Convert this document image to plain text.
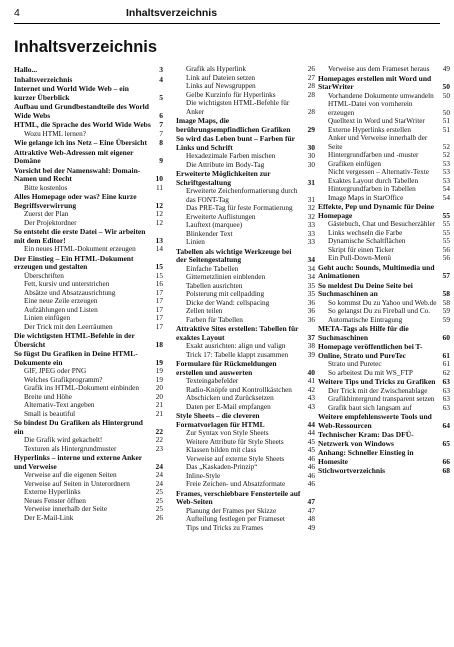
4	Inhaltsverzeichnis
Inhaltsverzeichnis
Hallo...	3
Inhaltsverzeichnis	4
Internet und World Wide Web – ein kurzer Überblick	5
Aufbau und Grundbestandteile des World Wide Webs	6
HTML, die Sprache des World Wide Webs 7
Wozu HTML lernen?	7
Wie gelange ich ins Netz – Eine Übersicht	8
Attraktive Web-Adressen mit eigener Domäne	9
Vorsicht bei der Namenswahl: Domain-Namen und Recht	10
Bitte kostenlos	11
Alles Homepage oder was? Eine kurze Begriffsverwirrung	12
Zuerst der Plan	12
Der Projektordner	12
So entsteht die erste Datei – Wir arbeiten mit dem Editor!	13
Ein neues HTML-Dokument erzeugen	14
Der Einstieg – Ein HTML-Dokument erzeugen und gestalten	15
Überschriften	15
Fett, kursiv und unterstrichen	16
Absätze und Absatzausrichtung	17
Eine neue Zeile erzeugen	17
Aufzählungen und Listen	17
Linien einfügen	17
Der Trick mit den Leerräumen	17
Die wichtigsten HTML-Befehle in der Übersicht	18
So fügst Du Grafiken in Deine HTML-Dokumente ein	19
GIF, JPEG oder PNG	19
Welches Grafikprogramm?	19
Grafik ins HTML-Dokument einbinden	20
Breite und Höhe	20
Alternativ-Text angeben	21
Small is beautiful	21
So bindest Du Grafiken als Hintergrund ein	22
Die Grafik wird gekachelt!	22
Texturen als Hintergrundmuster	23
Hyperlinks – interne und externe Anker und Verweise	24
Verweise auf die eigenen Seiten	24
Verweise auf Seiten in Unterordnern	24
Externe Hyperlinks	25
Neues Fenster öffnen	25
Verweise innerhalb der Seite	25
Der E-Mail-Link	26
Grafik als Hyperlink	26
Link auf Dateien setzen	27
Links auf Newsgruppen	28
Gelbe Kurzinfo für Hyperlinks	28
Die wichtigsten HTML-Befehle für Anker	28
Image Maps, die berührungsempfindlichen Grafiken	29
So wird das Leben bunt – Farben für Links und Schrift	30
Hexadezimale Farben mischen	30
Die Attribute im Body-Tag	30
Erweiterte Möglichkeiten zur Schriftgestaltung	31
Erweiterte Zeichenformatierung durch das FONT-Tag	31
Das PRE-Tag für feste Formatierung	32
Erweiterte Auflistungen	32
Lauftext (marquee)	33
Blinkender Text	33
Linien	33
Tabellen als wichtige Werkzeuge bei der Seitengestaltung	34
Einfache Tabellen	34
Gitternetzlinien einblenden	34
Tabellen ausrichten	35
Polsterung mit cellpadding	35
Dicke der Wand: cellspacing	36
Zellen teilen	36
Farben für Tabellen	36
Attraktive Sites erstellen: Tabellen für exaktes Layout	37
Exakt ausrichten: align und valign	38
Trick 17: Tabelle klappt zusammen	39
Formulare für Rückmeldungen erstellen und auswerten	40
Texteingabefelder	41
Radio-Knöpfe und Kontrollkästchen	42
Abschicken und Zurücksetzen	43
Daten per E-Mail empfangen	43
Style Sheets – die cleveren Formatvorlagen für HTML	44
Zur Syntax von Style Sheets	44
Weitere Attribute für Style Sheets	45
Klassen bilden mit class	45
Verweise auf externe Style Sheets	46
Das „Kaskaden-Prinzip“	46
Inline-Style	46
Freie Zeichen- und Absatzformate	46
Frames, verschiebbare Fensterteile auf Web-Seiten	47
Planung der Frames per Skizze	47
Aufteilung festlegen per Frameset	48
Tips und Tricks zu Frames	49
Verweise aus dem Frameset heraus	49
Homepages erstellen mit Word und StarWriter	50
Vorhandene Dokumente umwandeln	50
HTML-Datei von vornherein erzeugen	50
Quelltext in Word und StarWriter	51
Externe Hyperlinks erstellen	51
Anker und Verweise innerhalb der Seite	52
Hintergrundfarben und -muster	52
Grafiken einfügen	53
Nicht vergessen – Alternativ-Texte	53
Exaktes Layout durch Tabellen	53
Hintergrundfarben in Tabellen	54
Image Maps in StarOffice	54
Effekte, Pep und Dynamic für Deine Homepage	55
Gästebuch, Chat und Besucherzähler	55
Links wechseln die Farbe	55
Dynamische Schaltflächen	55
Skript für einen Ticker	56
Ein Pull-Down-Menü	56
Geht auch: Sounds, Multimedia und Animationen	57
So meldest Du Deine Seite bei Suchmaschinen an	58
So kommst Du zu Yahoo und Web.de 58
So gelangst Du zu Fireball und Co.	59
Automatische Eintragung	59
META-Tags als Hilfe für die Suchmaschinen	60
Homepage veröffentlichen bei T-Online, Strato und PureTec	61
Strato und Puretec	61
So arbeitest Du mit WS_FTP	62
Weitere Tips und Tricks zu Grafiken 63
Der Trick mit der Zwischenablage	63
Grafikhintergrund transparent setzen	63
Grafik baut sich langsam auf	63
Weitere empfehlenswerte Tools und Web-Ressourcen	64
Technischer Kram: Das DFÜ-Netzwerk von Windows	65
Anhang: Schneller Einstieg in Homesite	66
Stichwortverzeichnis	68
